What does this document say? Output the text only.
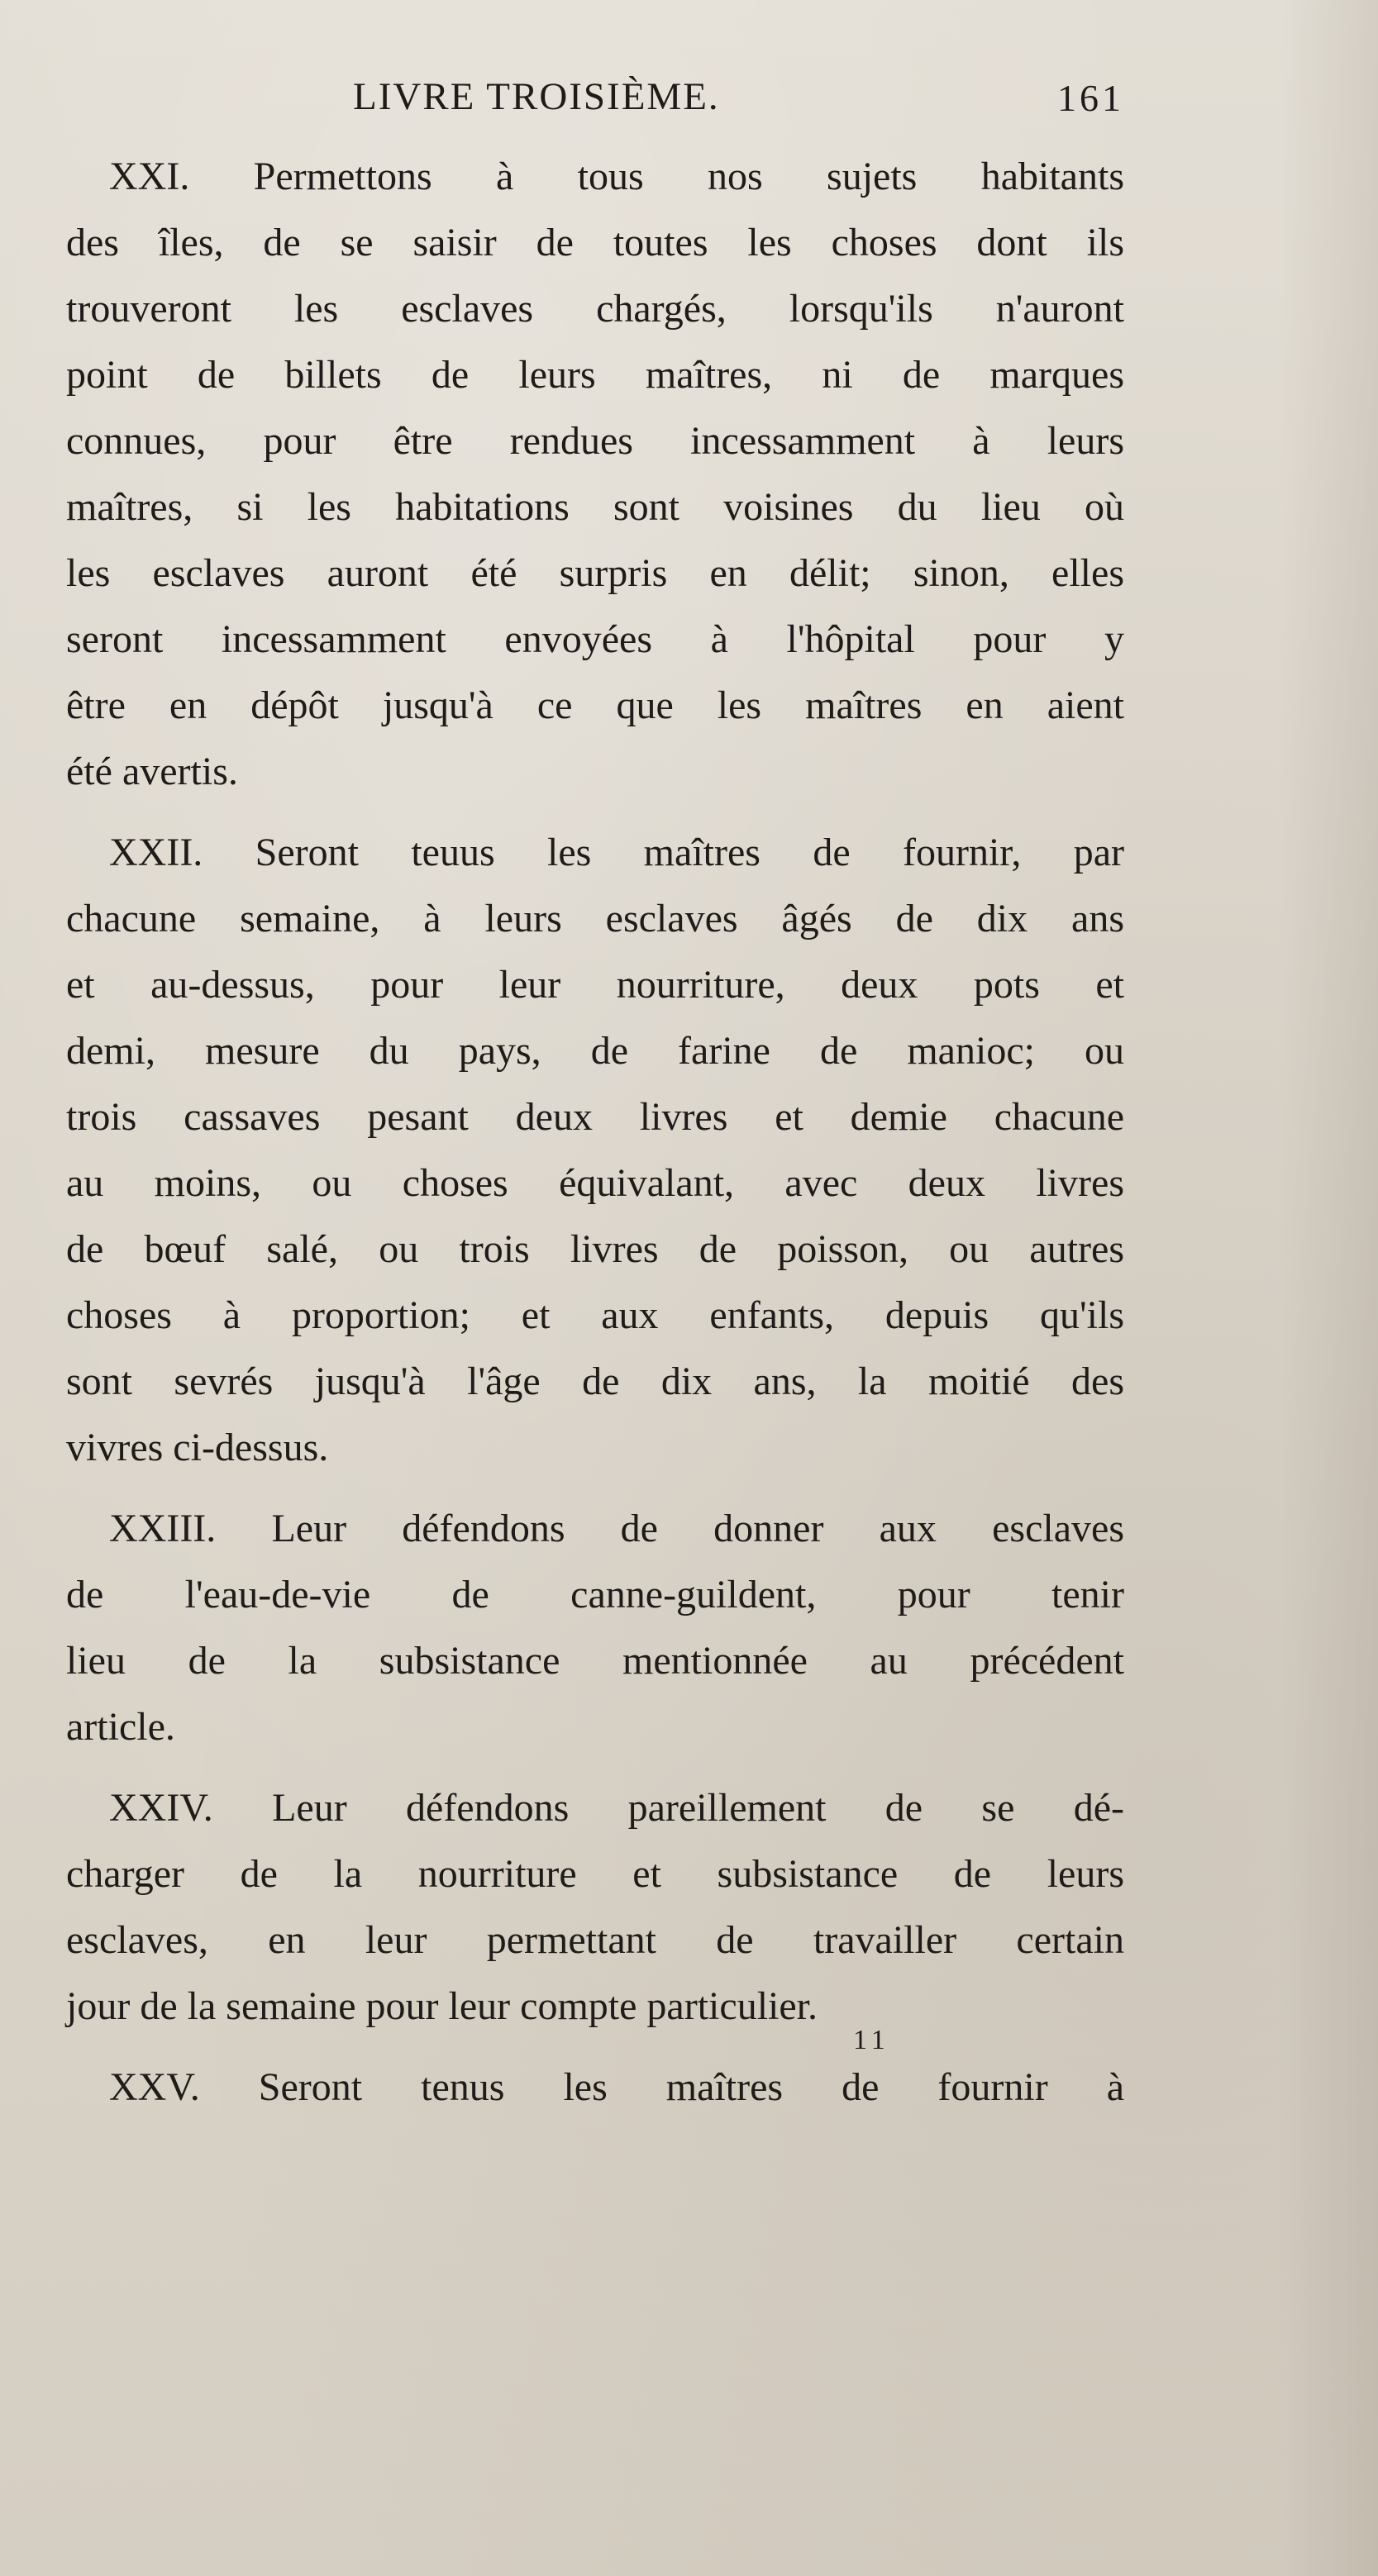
LIVRE TROISIÈME.	161
XXI. Permettons à tous nos sujets habitants
des îles, de se saisir de toutes les choses dont ils
trouveront les esclaves chargés, lorsqu'ils n'auront
point de billets de leurs maîtres, ni de marques
connues, pour être rendues incessamment à leurs
maîtres, si les habitations sont voisines du lieu où
les esclaves auront été surpris en délit; sinon, elles
seront incessamment envoyées à l'hôpital pour y
être en dépôt jusqu'à ce que les maîtres en aient
été avertis.
XXII. Seront teuus les maîtres de fournir, par
chacune semaine, à leurs esclaves âgés de dix ans
et au-dessus, pour leur nourriture, deux pots et
demi, mesure du pays, de farine de manioc; ou
trois cassaves pesant deux livres et demie chacune
au moins, ou choses équivalant, avec deux livres
de bœuf salé, ou trois livres de poisson, ou autres
choses à proportion; et aux enfants, depuis qu'ils
sont sevrés jusqu'à l'âge de dix ans, la moitié des
vivres ci-dessus.
XXIII. Leur défendons de donner aux esclaves
de l'eau-de-vie de canne-guildent, pour tenir
lieu de la subsistance mentionnée au précédent
article.
XXIV. Leur défendons pareillement de se dé-
charger de la nourriture et subsistance de leurs
esclaves, en leur permettant de travailler certain
jour de la semaine pour leur compte particulier.
XXV. Seront tenus les maîtres de fournir à
11
